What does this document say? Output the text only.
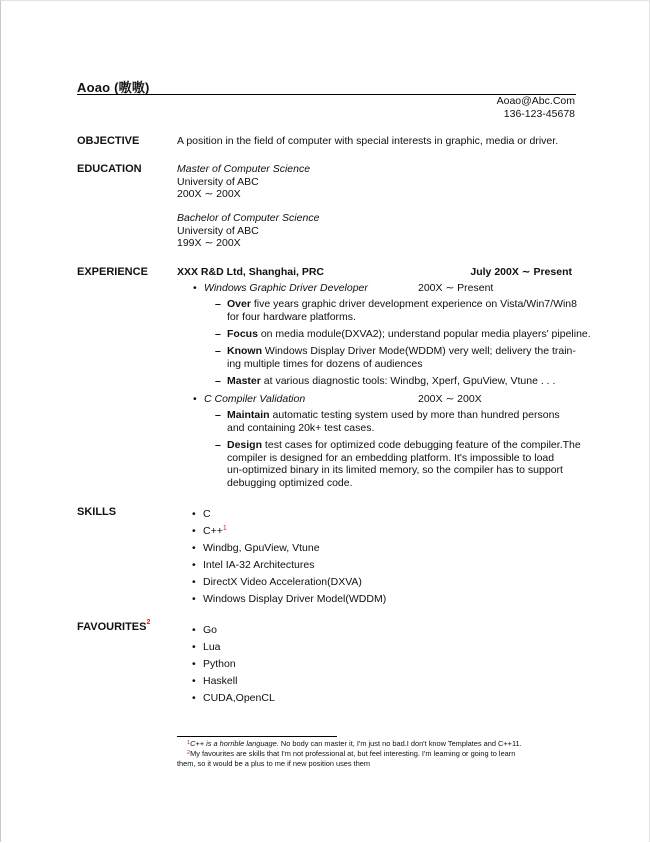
Aoao (嗷嗷)
Aoao@Abc.Com
136-123-45678
OBJECTIVE	A position in the field of computer with special interests in graphic, media or driver.
EDUCATION	Master of Computer Science
University of ABC
200X ∼ 200X
Bachelor of Computer Science
University of ABC
199X ∼ 200X
EXPERIENCE	XXX R&D Ltd, Shanghai, PRC	July 200X ∼ Present
• Windows Graphic Driver Developer	200X ∼ Present
– Over five years graphic driver development experience on Vista/Win7/Win8
for four hardware platforms.
– Focus on media module(DXVA2); understand popular media players' pipeline.
– Known Windows Display Driver Mode(WDDM) very well; delivery the train-
ing multiple times for dozens of audiences
– Master at various diagnostic tools: Windbg, Xperf, GpuView, Vtune . . .
• C Compiler Validation	200X ∼ 200X
– Maintain automatic testing system used by more than hundred persons
and containing 20k+ test cases.
– Design test cases for optimized code debugging feature of the compiler.The
compiler is designed for an embedding platform. It's impossible to load
un-optimized binary in its limited memory, so the compiler has to support
debugging optimized code.
SKILLS	• C
• C++$^1$
• Windbg, GpuView, Vtune
• Intel IA-32 Architectures
• DirectX Video Acceleration(DXVA)
• Windows Display Driver Model(WDDM)
FAVOURITES$^2$
• Go
• Lua
• Python
• Haskell
• CUDA,OpenCL
$^1$C++ is a horrible language. No body can master it, I'm just no bad.I don't know Templates and C++11.
$^2$My favourites are skills that I'm not professional at, but feel interesting. I'm learning or going to learn
them, so it would be a plus to me if new position uses them
